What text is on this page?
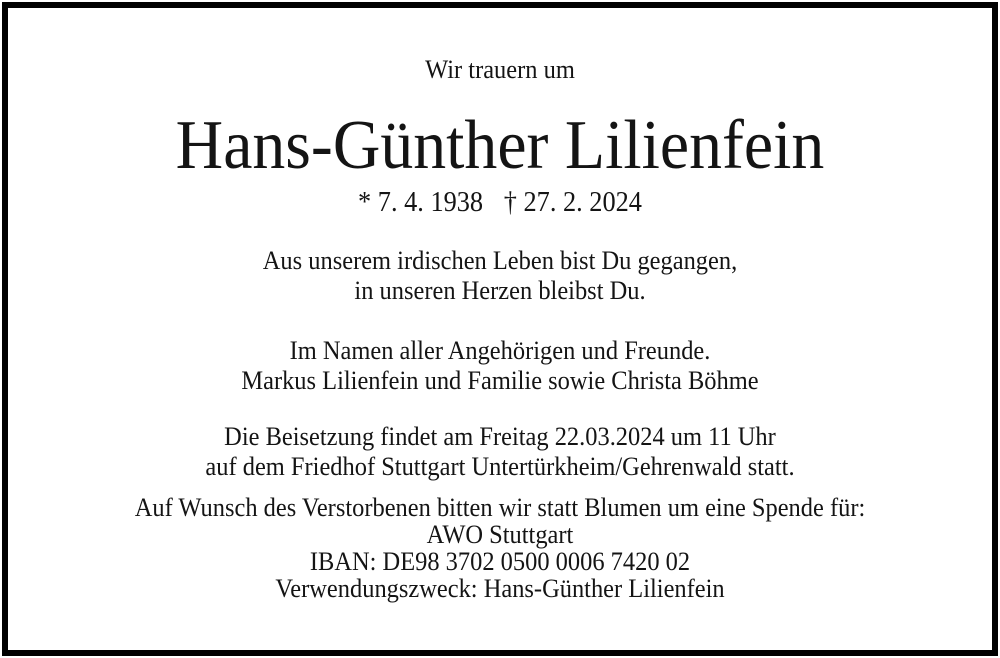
Wir trauern um
Hans-Günther Lilienfein
* 7. 4. 1938 † 27. 2. 2024
Aus unserem irdischen Leben bist Du gegangen,
in unseren Herzen bleibst Du.
Im Namen aller Angehörigen und Freunde.
Markus Lilienfein und Familie sowie Christa Böhme
Die Beisetzung findet am Freitag 22.03.2024 um 11 Uhr
auf dem Friedhof Stuttgart Untertürkheim/Gehrenwald statt.
Auf Wunsch des Verstorbenen bitten wir statt Blumen um eine Spende für:
AWO Stuttgart
IBAN: DE98 3702 0500 0006 7420 02
Verwendungszweck: Hans-Günther Lilienfein
